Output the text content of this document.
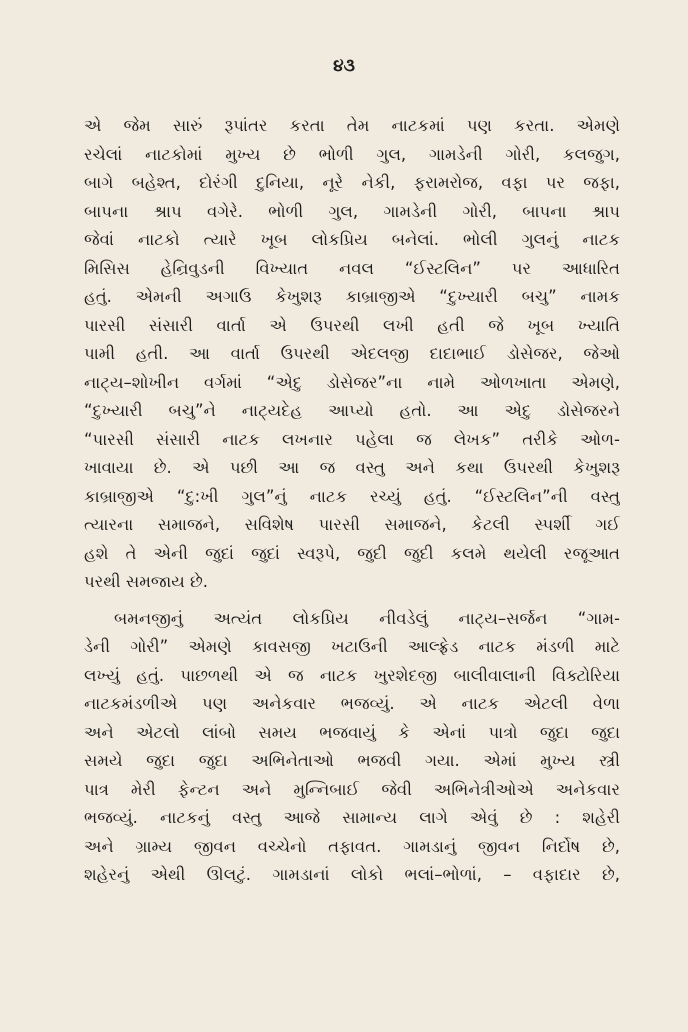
૪૩
એ જેમ સારું રૂપાંતર કરતા તેમ નાટકમાં પણ કરતા. એમણે
રચેલાં નાટકોમાં મુખ્ય છે ભોળી ગુલ, ગામડેની ગોરી, કલજુગ,
બાગે બહેશ્ત, દોરંગી દુનિયા, નૂરે નેકી, ફરામરોજ, વફા પર જફા,
બાપના શ્રાપ વગેરે. ભોળી ગુલ, ગામડેની ગોરી, બાપના શ્રાપ
જેવાં નાટકો ત્યારે ખૂબ લોકપ્રિય બનેલાં. ભોલી ગુલનું નાટક
મિસિસ હેન્રિવુડની વિખ્યાત નવલ “ઈસ્ટલિન” પર આધારિત
હતું. એમની અગાઉ કેખુશરૂ કાબ્રાજીએ “દુખ્યારી બચુ” નામક
પારસી સંસારી વાર્તા એ ઉપરથી લખી હતી જે ખૂબ ખ્યાતિ
પામી હતી. આ વાર્તા ઉપરથી એદલજી દાદાભાઈ ડોસેજર, જેઓ
નાટ્ય–શોખીન વર્ગમાં “એદુ ડોસેજર”ના નામે ઓળખાતા એમણે,
“દુખ્યારી બચુ”ને નાટ્યદેહ આપ્યો હતો. આ એદુ ડોસેજરને
“પારસી સંસારી નાટક લખનાર પહેલા જ લેખક” તરીકે ઓળ-
ખાવાયા છે. એ પછી આ જ વસ્તુ અને કથા ઉપરથી કેખુશરૂ
કાબ્રાજીએ “દુ:ખી ગુલ”નું નાટક રચ્યું હતું. “ઈસ્ટલિન”ની વસ્તુ
ત્યારના સમાજને, સવિશેષ પારસી સમાજને, કેટલી સ્પર્શી ગઈ
હશે તે એની જુદાં જુદાં સ્વરૂપે, જુદી જુદી કલમે થયેલી રજૂઆત
પરથી સમજાય છે.
બમનજીનું અત્યંત લોકપ્રિય નીવડેલું નાટ્ય–સર્જન “ગામ-
ડેની ગોરી” એમણે કાવસજી ખટાઉની આલ્ફ્રેડ નાટક મંડળી માટે
લખ્યું હતું. પાછળથી એ જ નાટક ખુરશેદજી બાલીવાલાની વિક્ટોરિયા
નાટકમંડળીએ પણ અનેકવાર ભજવ્યું. એ નાટક એટલી વેળા
અને એટલો લાંબો સમય ભજવાયું કે એનાં પાત્રો જુદા જુદા
સમયે જુદા જુદા અભિનેતાઓ ભજવી ગયા. એમાં મુખ્ય સ્ત્રી
પાત્ર મેરી ફેન્ટન અને મુન્નિબાઈ જેવી અભિનેત્રીઓએ અનેકવાર
ભજવ્યું. નાટકનું વસ્તુ આજે સામાન્ય લાગે એવું છે : શહેરી
અને ગ્રામ્ય જીવન વચ્ચેનો તફાવત. ગામડાનું જીવન નિર્દોષ છે,
શહેરનું એથી ઊલટું. ગામડાનાં લોકો ભલાં–ભોળાં, – વફાદાર છે,
